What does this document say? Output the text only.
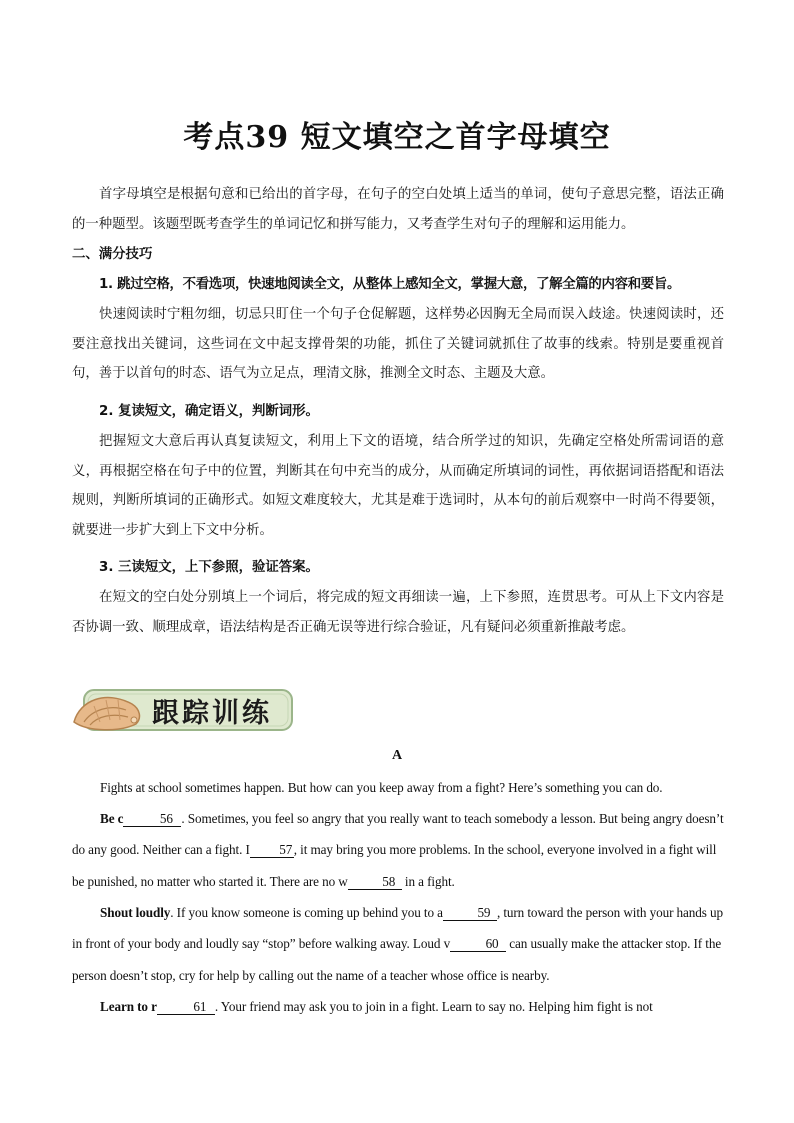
考点39 短文填空之首字母填空

首字母填空是根据句意和已给出的首字母，在句子的空白处填上适当的单词，使句子意思完整，语法正确的一种题型。该题型既考查学生的单词记忆和拼写能力，又考查学生对句子的理解和运用能力。

二、满分技巧

1. 跳过空格，不看选项，快速地阅读全文，从整体上感知全文，掌握大意，了解全篇的内容和要旨。

快速阅读时宁粗勿细，切忌只盯住一个句子仓促解题，这样势必因胸无全局而误入歧途。快速阅读时，还要注意找出关键词，这些词在文中起支撑骨架的功能，抓住了关键词就抓住了故事的线索。特别是要重视首句，善于以首句的时态、语气为立足点，理清文脉，推测全文时态、主题及大意。

2. 复读短文，确定语义，判断词形。

把握短文大意后再认真复读短文，利用上下文的语境，结合所学过的知识，先确定空格处所需词语的意义，再根据空格在句子中的位置，判断其在句中充当的成分，从而确定所填词的词性，再依据词语搭配和语法规则，判断所填词的正确形式。如短文难度较大，尤其是难于选词时，从本句的前后观察中一时尚不得要领，就要进一步扩大到上下文中分析。

3. 三读短文，上下参照，验证答案。

在短文的空白处分别填上一个词后，将完成的短文再细读一遍，上下参照，连贯思考。可从上下文内容是否协调一致、顺理成章，语法结构是否正确无误等进行综合验证，凡有疑问必须重新推敲考虑。

跟踪训练
A

Fights at school sometimes happen. But how can you keep away from a fight? Here’s something you can do.

Be c	56 . Sometimes, you feel so angry that you really want to teach somebody a lesson. But being angry doesn’t do any good. Neither can a fight. I 57 , it may bring you more problems. In the school, everyone involved in a fight will be punished, no matter who started it. There are no w	58 in a fight.

Shout loudly. If you know someone is coming up behind you to a	59 , turn toward the person with your hands up in front of your body and loudly say “stop” before walking away. Loud v	60 can usually make the attacker stop. If the person doesn’t stop, cry for help by calling out the name of a teacher whose office is nearby.

Learn to r	61 . Your friend may ask you to join in a fight. Learn to say no. Helping him fight is not
